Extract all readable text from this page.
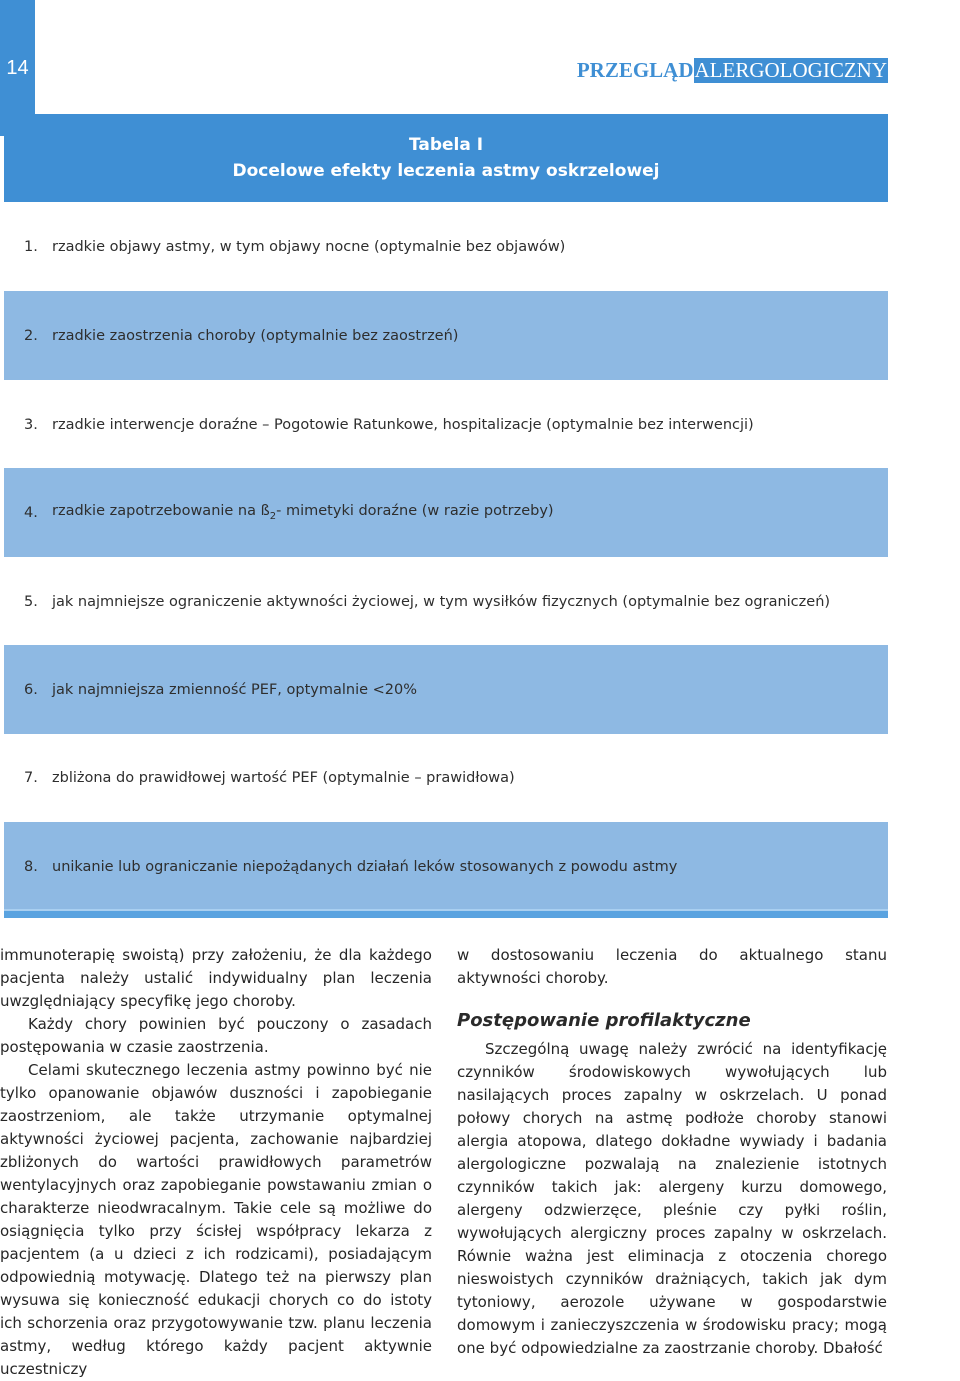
14	PRZEGLĄD ALERGOLOGICZNY
Tabela I
Docelowe efekty leczenia astmy oskrzelowej
1. rzadkie objawy astmy, w tym objawy nocne (optymalnie bez objawów)
2. rzadkie zaostrzenia choroby (optymalnie bez zaostrzeń)
3. rzadkie interwencje doraźne – Pogotowie Ratunkowe, hospitalizacje (optymalnie bez interwencji)
4. rzadkie zapotrzebowanie na $ß_2-$ mimetyki doraźne (w razie potrzeby)
5. jak najmniejsze ograniczenie aktywności życiowej, w tym wysiłków fizycznych (optymalnie bez ograniczeń)
6. jak najmniejsza zmienność PEF, optymalnie <20%
7. zbliżona do prawidłowej wartość PEF (optymalnie – prawidłowa)
8. unikanie lub ograniczanie niepożądanych działań leków stosowanych z powodu astmy

immunoterapię swoistą) przy założeniu, że dla każdego pacjenta należy ustalić indywidualny plan leczenia uwzględniający specyfikę jego choroby.

Każdy chory powinien być pouczony o zasadach postępowania w czasie zaostrzenia.

Celami skutecznego leczenia astmy powinno być nie tylko opanowanie objawów duszności i zapobieganie zaostrzeniom, ale także utrzymanie optymalnej aktywności życiowej pacjenta, zachowanie najbardziej zbliżonych do wartości prawidłowych parametrów wentylacyjnych oraz zapobieganie powstawaniu zmian o charakterze nieodwracalnym. Takie cele są możliwe do osiągnięcia tylko przy ścisłej współpracy lekarza z pacjentem (a u dzieci z ich rodzicami), posiadającym odpowiednią motywację. Dlatego też na pierwszy plan wysuwa się konieczność edukacji chorych co do istoty ich schorzenia oraz przygotowywanie tzw. planu leczenia astmy, według którego każdy pacjent aktywnie uczestniczy

w dostosowaniu leczenia do aktualnego stanu aktywności choroby.

Postępowanie profilaktyczne

Szczególną uwagę należy zwrócić na identyfikację czynników środowiskowych wywołujących lub nasilających proces zapalny w oskrzelach. U ponad połowy chorych na astmę podłoże choroby stanowi alergia atopowa, dlatego dokładne wywiady i badania alergologiczne pozwalają na znalezienie istotnych czynników takich jak: alergeny kurzu domowego, alergeny odzwierzęce, pleśnie czy pyłki roślin, wywołujących alergiczny proces zapalny w oskrzelach. Równie ważna jest eliminacja z otoczenia chorego nieswoistych czynników drażniących, takich jak dym tytoniowy, aerozole używane w gospodarstwie domowym i zanieczyszczenia w środowisku pracy; mogą one być odpowiedzialne za zaostrzanie choroby. Dbałość
